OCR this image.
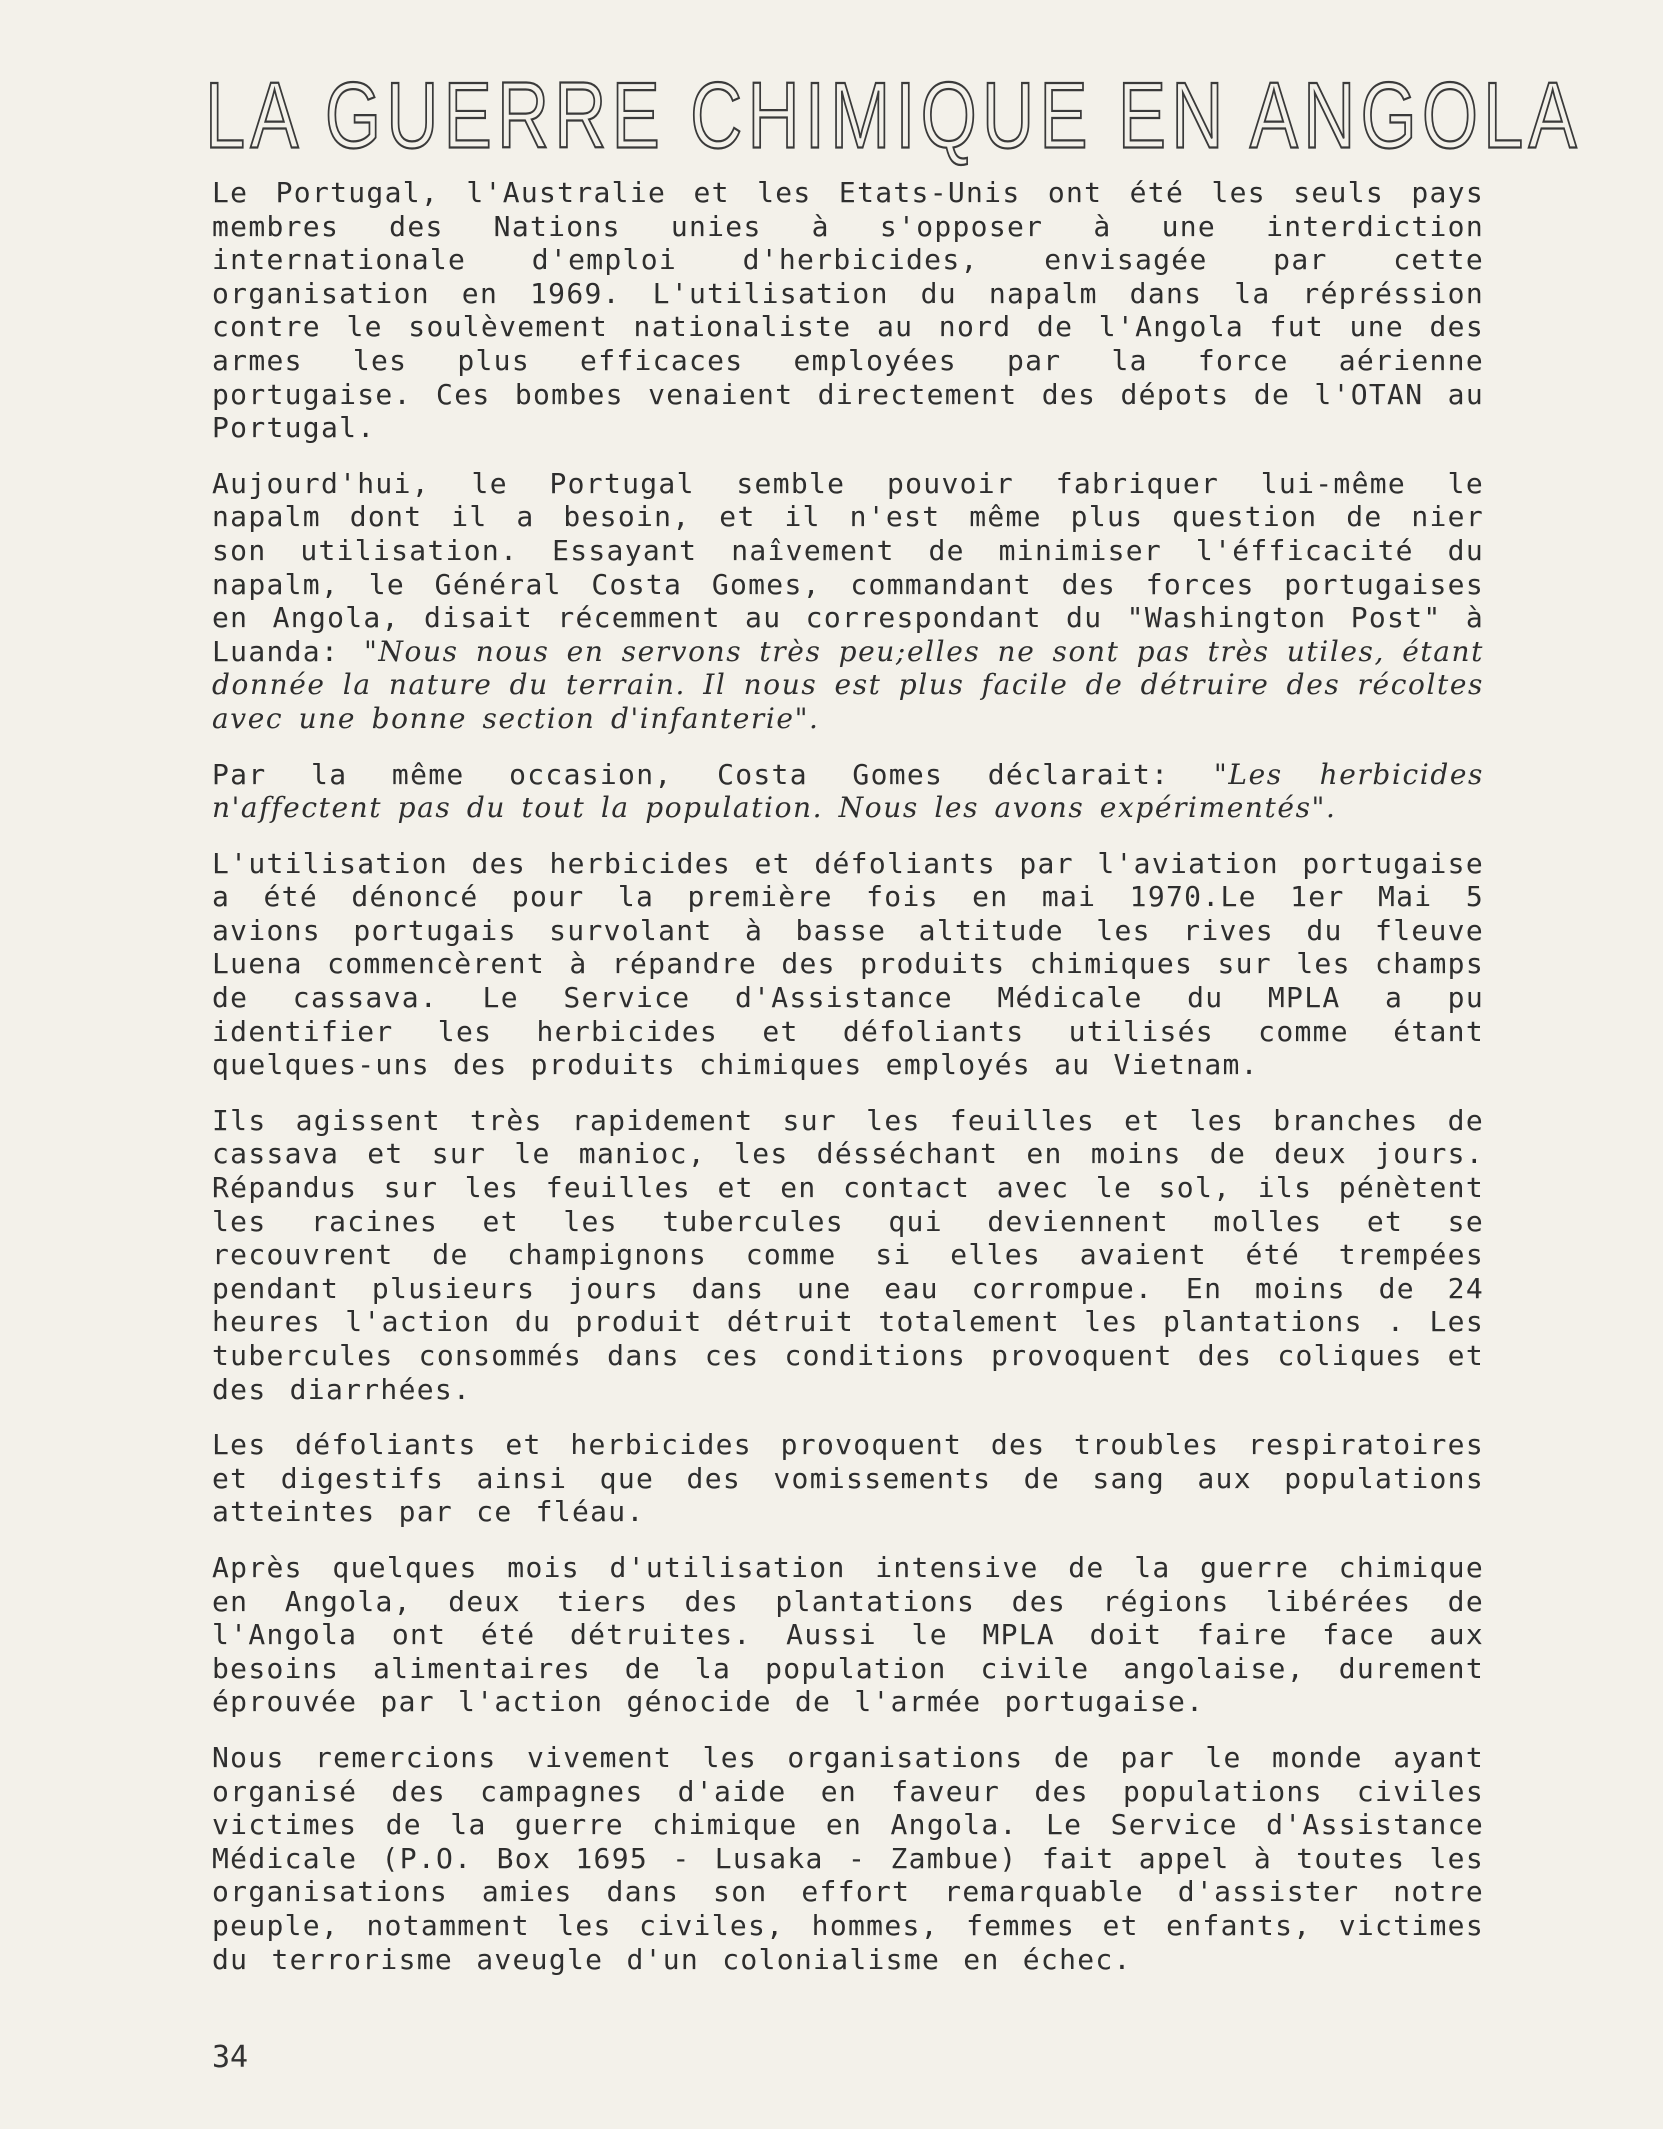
LA GUERRE CHIMIQUE EN ANGOLA

Le Portugal, l'Australie et les Etats-Unis ont été les seuls pays membres des Nations unies à s'opposer à une interdiction internationale d'emploi d'herbicides, envisagée par cette organisation en 1969. L'utilisation du napalm dans la répréssion contre le soulèvement nationaliste au nord de l'Angola fut une des armes les plus efficaces employées par la force aérienne portugaise. Ces bombes venaient directement des dépots de l'OTAN au Portugal.

Aujourd'hui, le Portugal semble pouvoir fabriquer lui-même le napalm dont il a besoin, et il n'est même plus question de nier son utilisation. Essayant naîvement de minimiser l'éfficacité du napalm, le Général Costa Gomes, commandant des forces portugaises en Angola, disait récemment au correspondant du "Washington Post" à Luanda: "Nous nous en servons très peu;elles ne sont pas très utiles, étant donnée la nature du terrain. Il nous est plus facile de détruire des récoltes avec une bonne section d'infanterie".

Par la même occasion, Costa Gomes déclarait: "Les herbicides n'affectent pas du tout la population. Nous les avons expérimentés".

L'utilisation des herbicides et défoliants par l'aviation portugaise a été dénoncé pour la première fois en mai 1970.Le 1er Mai 5 avions portugais survolant à basse altitude les rives du fleuve Luena commencèrent à répandre des produits chimiques sur les champs de cassava. Le Service d'Assistance Médicale du MPLA a pu identifier les herbicides et défoliants utilisés comme étant quelques-uns des produits chimiques employés au Vietnam.

Ils agissent très rapidement sur les feuilles et les branches de cassava et sur le manioc, les désséchant en moins de deux jours. Répandus sur les feuilles et en contact avec le sol, ils pénètent les racines et les tubercules qui deviennent molles et se recouvrent de champignons comme si elles avaient été trempées pendant plusieurs jours dans une eau corrompue. En moins de 24 heures l'action du produit détruit totalement les plantations . Les tubercules consommés dans ces conditions provoquent des coliques et des diarrhées.

Les défoliants et herbicides provoquent des troubles respiratoires et digestifs ainsi que des vomissements de sang aux populations atteintes par ce fléau.

Après quelques mois d'utilisation intensive de la guerre chimique en Angola, deux tiers des plantations des régions libérées de l'Angola ont été détruites. Aussi le MPLA doit faire face aux besoins alimentaires de la population civile angolaise, durement éprouvée par l'action génocide de l'armée portugaise.

Nous remercions vivement les organisations de par le monde ayant organisé des campagnes d'aide en faveur des populations civiles victimes de la guerre chimique en Angola. Le Service d'Assistance Médicale (P.O. Box 1695 - Lusaka - Zambue) fait appel à toutes les organisations amies dans son effort remarquable d'assister notre peuple, notamment les civiles, hommes, femmes et enfants, victimes du terrorisme aveugle d'un colonialisme en échec.

34
